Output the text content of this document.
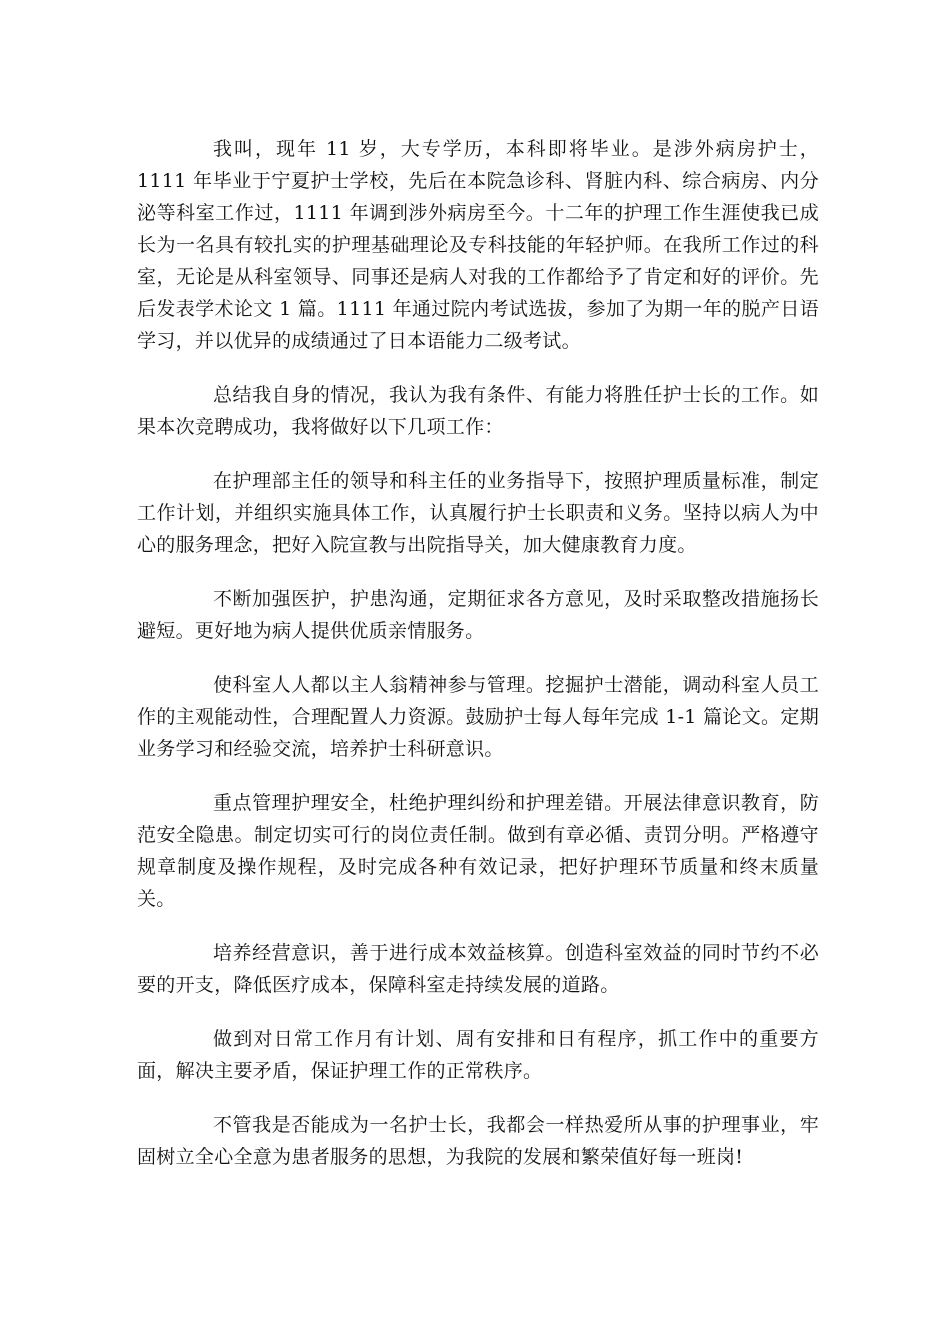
我叫，现年 11 岁，大专学历，本科即将毕业。是涉外病房护士，1111 年毕业于宁夏护士学校，先后在本院急诊科、肾脏内科、综合病房、内分泌等科室工作过，1111 年调到涉外病房至今。十二年的护理工作生涯使我已成长为一名具有较扎实的护理基础理论及专科技能的年轻护师。在我所工作过的科室，无论是从科室领导、同事还是病人对我的工作都给予了肯定和好的评价。先后发表学术论文 1 篇。1111 年通过院内考试选拔，参加了为期一年的脱产日语学习，并以优异的成绩通过了日本语能力二级考试。

总结我自身的情况，我认为我有条件、有能力将胜任护士长的工作。如果本次竞聘成功，我将做好以下几项工作：

在护理部主任的领导和科主任的业务指导下，按照护理质量标准，制定工作计划，并组织实施具体工作，认真履行护士长职责和义务。坚持以病人为中心的服务理念，把好入院宣教与出院指导关，加大健康教育力度。

不断加强医护，护患沟通，定期征求各方意见，及时采取整改措施扬长避短。更好地为病人提供优质亲情服务。

使科室人人都以主人翁精神参与管理。挖掘护士潜能，调动科室人员工作的主观能动性，合理配置人力资源。鼓励护士每人每年完成 1-1 篇论文。定期业务学习和经验交流，培养护士科研意识。

重点管理护理安全，杜绝护理纠纷和护理差错。开展法律意识教育，防范安全隐患。制定切实可行的岗位责任制。做到有章必循、责罚分明。严格遵守规章制度及操作规程，及时完成各种有效记录，把好护理环节质量和终末质量关。

培养经营意识，善于进行成本效益核算。创造科室效益的同时节约不必要的开支，降低医疗成本，保障科室走持续发展的道路。

做到对日常工作月有计划、周有安排和日有程序，抓工作中的重要方面，解决主要矛盾，保证护理工作的正常秩序。

不管我是否能成为一名护士长，我都会一样热爱所从事的护理事业，牢固树立全心全意为患者服务的思想，为我院的发展和繁荣值好每一班岗!
